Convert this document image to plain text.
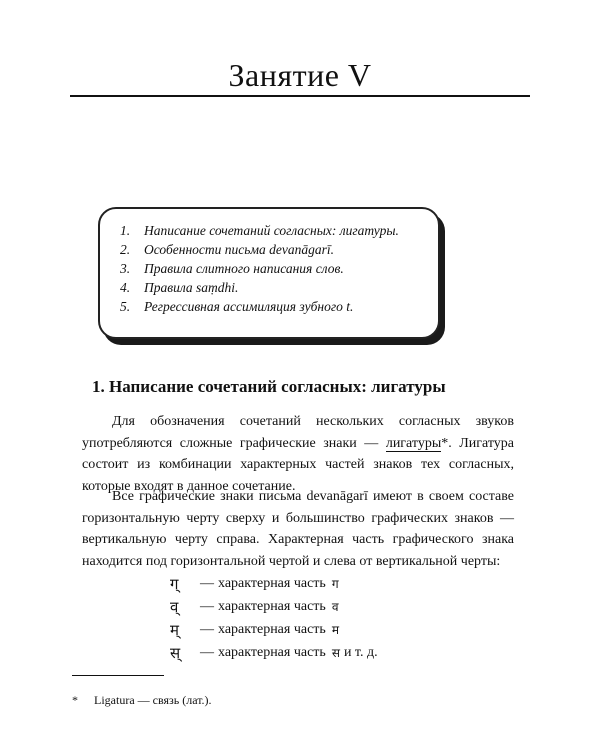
Занятие V
1. Написание сочетаний согласных: лигатуры.
2. Особенности письма devanāgarī.
3. Правила слитного написания слов.
4. Правила saṃdhi.
5. Регрессивная ассимиляция зубного t.
1. Написание сочетаний согласных: лигатуры

Для обозначения сочетаний нескольких согласных звуков употребляются сложные графические знаки — лигатуры*. Лигатура состоит из комбинации характерных частей знаков тех согласных, которые входят в данное сочетание.

Все графические знаки письма devanāgarī имеют в своем составе горизонтальную черту сверху и большинство графических знаков — вертикальную черту справа. Характерная часть графического знака находится под горизонтальной чертой и слева от вертикальной черты:

ग्	— характерная часть ग
व्	— характерная часть व
म्	— характерная часть म
स्	— характерная часть स и т. д.
* Ligatura — связь (лат.).
